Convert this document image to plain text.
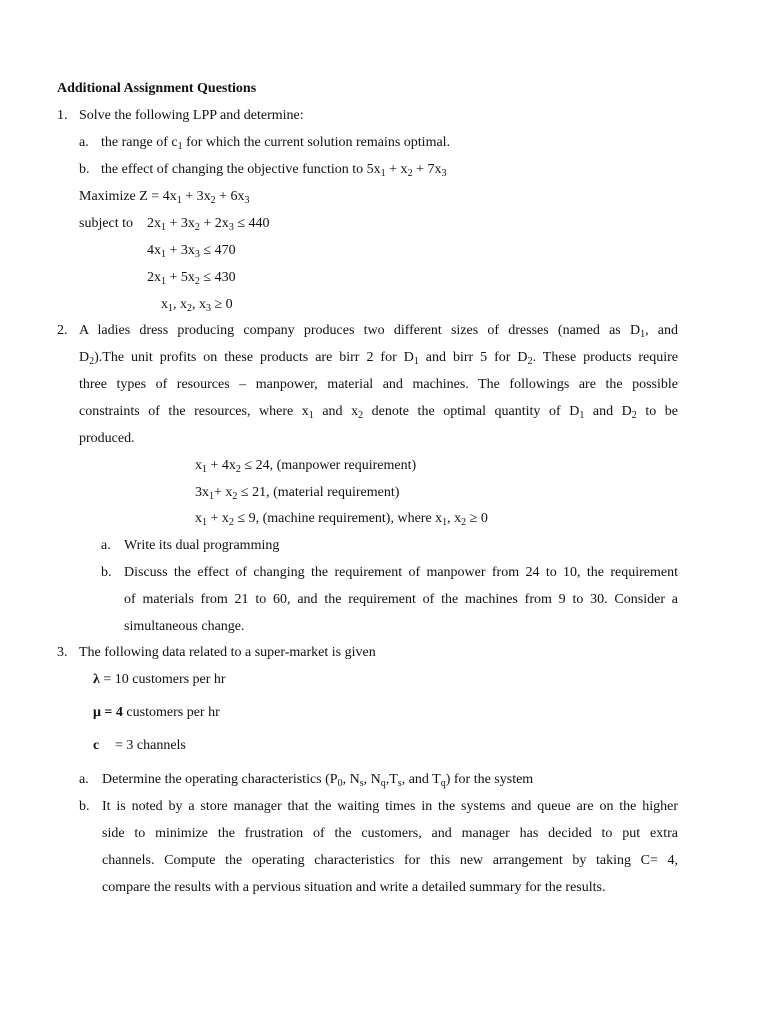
Additional Assignment Questions
1. Solve the following LPP and determine:
a. the range of $c_1$ for which the current solution remains optimal.
b. the effect of changing the objective function to $5x_1 + x_2 + 7x_3$
Maximize $Z = 4x_1 + 3x_2 + 6x_3$
subject to $2x_1 + 3x_2 + 2x_3 \le 440$
$4x_1 + 3x_3 \le 470$
$2x_1 + 5x_2 \le 430$
$x_1$, $x_2$, $x_3 \ge 0$
2. A ladies dress producing company produces two different sizes of dresses (named as $D_1$, and
$D_2).The$ unit profits on these products are birr 2 for $D_1$ and birr 5 for $D_2$. These products require
three types of resources – manpower, material and machines. The followings are the possible
constraints of the resources, where $x_1$ and $x_2$ denote the optimal quantity of $D_1$ and $D_2$ to be
produced.
$x_1 + 4x_2 \le 24$, (manpower requirement)
$3x_1+ x_2 \le 21$, (material requirement)
$x_1 + x_2 \le 9$, (machine requirement), where $x_1$, $x_2 \ge 0$
a. Write its dual programming
b. Discuss the effect of changing the requirement of manpower from 24 to 10, the requirement
of materials from 21 to 60, and the requirement of the machines from 9 to 30. Consider a
simultaneous change.
3. The following data related to a super-market is given
λ = 10 customers per hr
μ = 4 customers per hr
c = 3 channels
a. Determine the operating characteristics ($P_0$, $N_s$, $N_q,T_s$, and $T_q$) for the system
b. It is noted by a store manager that the waiting times in the systems and queue are on the higher
side to minimize the frustration of the customers, and manager has decided to put extra
channels. Compute the operating characteristics for this new arrangement by taking C= 4,
compare the results with a pervious situation and write a detailed summary for the results.
